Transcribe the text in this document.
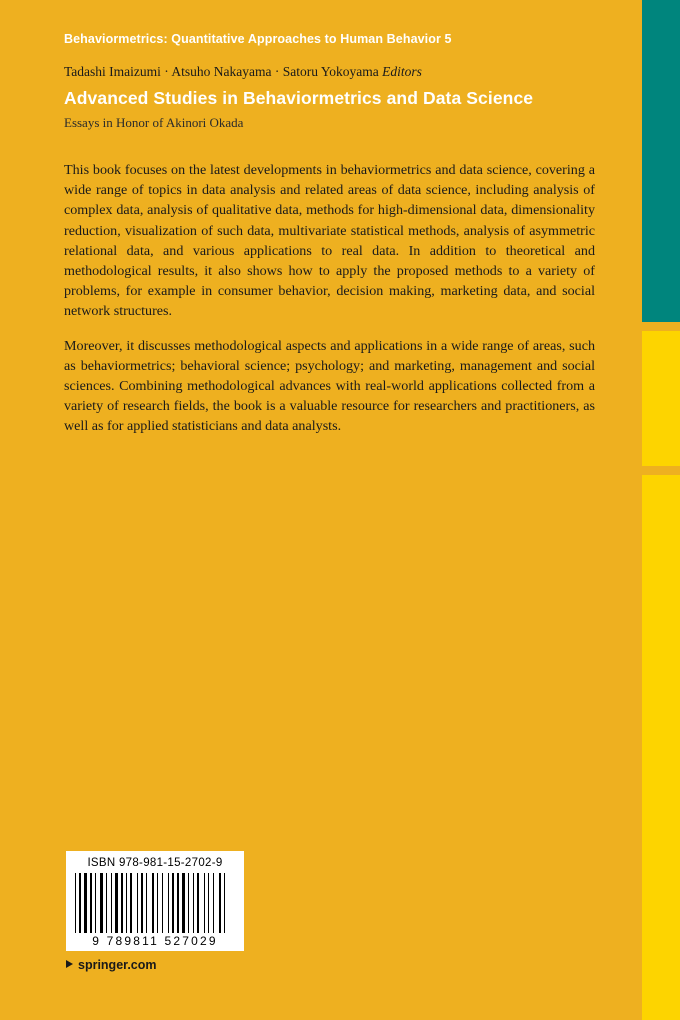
Behaviormetrics: Quantitative Approaches to Human Behavior 5
Tadashi Imaizumi · Atsuho Nakayama · Satoru Yokoyama Editors
Advanced Studies in Behaviormetrics and Data Science
Essays in Honor of Akinori Okada

This book focuses on the latest developments in behaviormetrics and data science, covering a wide range of topics in data analysis and related areas of data science, including analysis of complex data, analysis of qualitative data, methods for high-dimensional data, dimensionality reduction, visualization of such data, multivariate statistical methods, analysis of asymmetric relational data, and various applications to real data. In addition to theoretical and methodological results, it also shows how to apply the proposed methods to a variety of problems, for example in consumer behavior, decision making, marketing data, and social network structures.

Moreover, it discusses methodological aspects and applications in a wide range of areas, such as behaviormetrics; behavioral science; psychology; and marketing, management and social sciences. Combining methodological advances with real-world applications collected from a variety of research fields, the book is a valuable resource for researchers and practitioners, as well as for applied statisticians and data analysts.

ISBN 978-981-15-2702-9
9 789811 527029
springer.com
